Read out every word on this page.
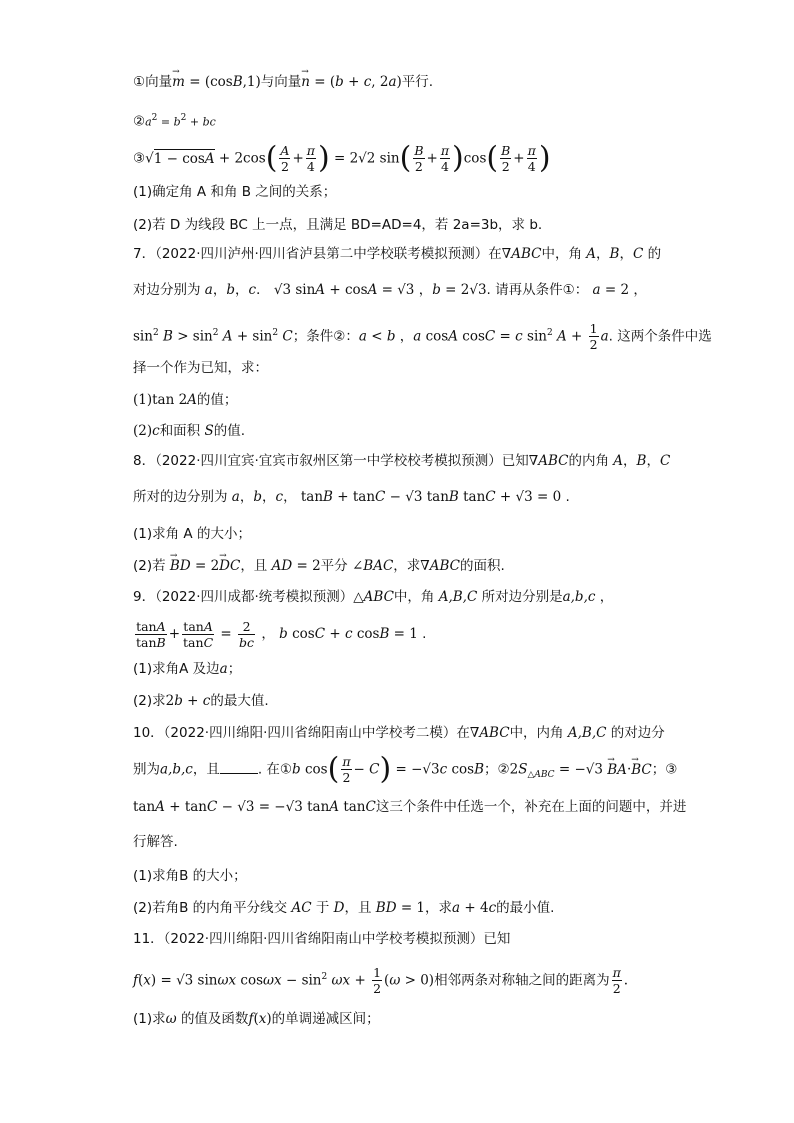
①向量→ m = (cosB,1)与向量→ n = (b + c, 2a)平行.
$②a^2 = b^2$ + bc
③√1 − $\cos A + 2\cos( \frac{A}{2} + \frac{\pi}{4}$ ) = 2√2 $\sin( \frac{B}{2} + \frac{\pi}{4} )\cos( \frac{B}{2} + \frac{\pi}{4}$ )
(1)确定角 A 和角 B 之间的关系；
(2)若 D 为线段 BC 上一点，且满足 BD=AD=4，若 2a=3b，求 b.
7．（2022·四川泸州·四川省泸县第二中学校联考模拟预测）在∇ABC中，角 A，B，C 的
对边分别为 a，b，c． √3 sinA + cosA = √3 ，b = 2√3. 请再从条件①： a = 2 ，
$\sin^2 B > \sin^2 A + \sin^2 C$；条件②：a < b ，a cosA cosC = c $\sin^2 A + \frac{1}{2} a$. 这两个条件中选
择一个作为已知，求：
(1)tan 2A的值；
(2)c和面积 S的值.
8．（2022·四川宜宾·宜宾市叙州区第一中学校校考模拟预测）已知∇ABC的内角 A，B，C
所对的边分别为 a，b，c， tanB + tanC − √3 tanB tanC + √3 = 0 .
(1)求角 A 的大小；
(2)若 → BD = 2→ DC，且 AD = 2平分 ∠BAC，求∇ABC的面积.
9．（2022·四川成都·统考模拟预测）△ABC中，角 A,B,C 所对边分别是a,b,c ，
$\frac{\tan A}{\tan B} + \frac{\tan A}{\tan C} = \frac{2}{bc}$ ， b cosC + c cosB = 1 .
(1)求角A 及边a；
(2)求2b + c的最大值.
10．（2022·四川绵阳·四川省绵阳南山中学校考二模）在∇ABC中，内角 A,B,C 的对边分
别为a,b,c，且	. 在①b $\cos( \frac{\pi}{2} - C) = -√3c$ cosB；$②2S_{\triangle ABC} = -√3 \to BA\cdot\to$ BC；③
tanA + tanC − √3 = −√3 tanA tanC这三个条件中任选一个，补充在上面的问题中，并进
行解答.
(1)求角B 的大小；
(2)若角B 的内角平分线交 AC 于 D，且 BD = 1，求a + 4c的最小值.
11．（2022·四川绵阳·四川省绵阳南山中学校考模拟预测）已知
f(x) = √3 sinωx $\cos\omega x - \sin^2 \omega x + \frac{1}{2} (\omega > 0)$相邻两条对称轴之间的距离为 $\frac{\pi}{2}$ .
(1)求ω 的值及函数f(x)的单调递减区间；
